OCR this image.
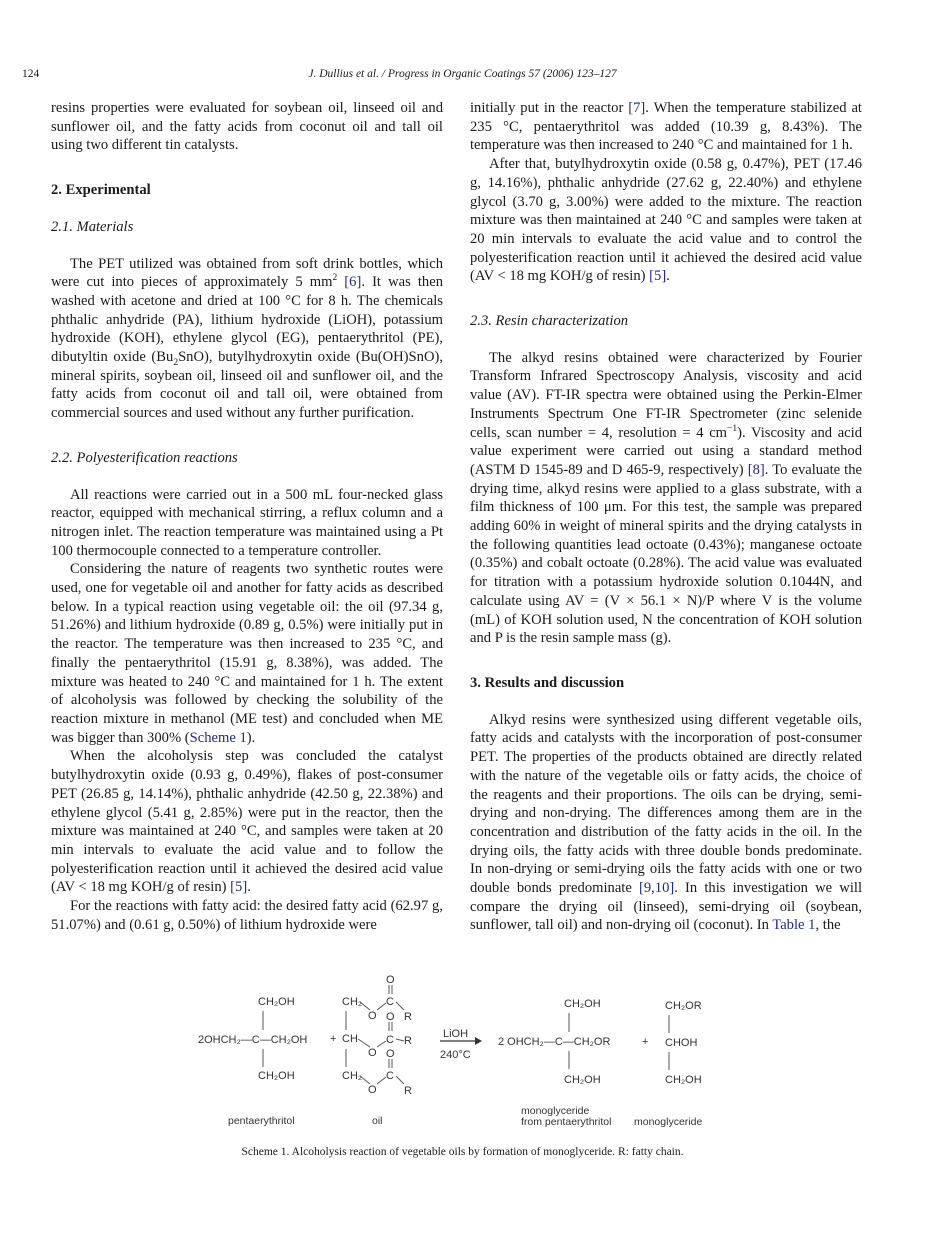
124	J. Dullius et al. / Progress in Organic Coatings 57 (2006) 123–127

resins properties were evaluated for soybean oil, linseed oil and sunflower oil, and the fatty acids from coconut oil and tall oil using two different tin catalysts.

2. Experimental

2.1. Materials

The PET utilized was obtained from soft drink bottles, which were cut into pieces of approximately 5 $mm^2$ [6]. It was then washed with acetone and dried at 100 °C for 8 h. The chemicals phthalic anhydride (PA), lithium hydroxide (LiOH), potassium hydroxide (KOH), ethylene glycol (EG), pentaerythritol (PE), dibutyltin oxide $(Bu_2SnO)$, butylhydroxytin oxide (Bu(OH)SnO), mineral spirits, soybean oil, linseed oil and sunflower oil, and the fatty acids from coconut oil and tall oil, were obtained from commercial sources and used without any further purification.

2.2. Polyesterification reactions

All reactions were carried out in a 500 mL four-necked glass reactor, equipped with mechanical stirring, a reflux column and a nitrogen inlet. The reaction temperature was maintained using a Pt 100 thermocouple connected to a temperature controller.

Considering the nature of reagents two synthetic routes were used, one for vegetable oil and another for fatty acids as described below. In a typical reaction using vegetable oil: the oil (97.34 g, 51.26%) and lithium hydroxide (0.89 g, 0.5%) were initially put in the reactor. The temperature was then increased to 235 °C, and finally the pentaerythritol (15.91 g, 8.38%), was added. The mixture was heated to 240 °C and maintained for 1 h. The extent of alcoholysis was followed by checking the solubility of the reaction mixture in methanol (ME test) and concluded when ME was bigger than 300% (Scheme 1).

When the alcoholysis step was concluded the catalyst butylhydroxytin oxide (0.93 g, 0.49%), flakes of post-consumer PET (26.85 g, 14.14%), phthalic anhydride (42.50 g, 22.38%) and ethylene glycol (5.41 g, 2.85%) were put in the reactor, then the mixture was maintained at 240 °C, and samples were taken at 20 min intervals to evaluate the acid value and to follow the polyesterification reaction until it achieved the desired acid value (AV < 18 mg KOH/g of resin) [5].

For the reactions with fatty acid: the desired fatty acid (62.97 g, 51.07%) and (0.61 g, 0.50%) of lithium hydroxide were

initially put in the reactor [7]. When the temperature stabilized at 235 °C, pentaerythritol was added (10.39 g, 8.43%). The temperature was then increased to 240 °C and maintained for 1 h.

After that, butylhydroxytin oxide (0.58 g, 0.47%), PET (17.46 g, 14.16%), phthalic anhydride (27.62 g, 22.40%) and ethylene glycol (3.70 g, 3.00%) were added to the mixture. The reaction mixture was then maintained at 240 °C and samples were taken at 20 min intervals to evaluate the acid value and to control the polyesterification reaction until it achieved the desired acid value (AV < 18 mg KOH/g of resin) [5].

2.3. Resin characterization

The alkyd resins obtained were characterized by Fourier Transform Infrared Spectroscopy Analysis, viscosity and acid value (AV). FT-IR spectra were obtained using the Perkin-Elmer Instruments Spectrum One FT-IR Spectrometer (zinc selenide cells, scan number = 4, resolution = 4 $cm^{-1}$). Viscosity and acid value experiment were carried out using a standard method (ASTM D 1545-89 and D 465-9, respectively) [8]. To evaluate the drying time, alkyd resins were applied to a glass substrate, with a film thickness of 100 μm. For this test, the sample was prepared adding 60% in weight of mineral spirits and the drying catalysts in the following quantities lead octoate (0.43%); manganese octoate (0.35%) and cobalt octoate (0.28%). The acid value was evaluated for titration with a potassium hydroxide solution 0.1044N, and calculate using AV = (V × 56.1 × N)/P where V is the volume (mL) of KOH solution used, N the concentration of KOH solution and P is the resin sample mass (g).

3. Results and discussion

Alkyd resins were synthesized using different vegetable oils, fatty acids and catalysts with the incorporation of post-consumer PET. The properties of the products obtained are directly related with the nature of the vegetable oils or fatty acids, the choice of the reagents and their proportions. The oils can be drying, semi-drying and non-drying. The differences among them are in the concentration and distribution of the fatty acids in the oil. In the drying oils, the fatty acids with three double bonds predominate. In non-drying or semi-drying oils the fatty acids with one or two double bonds predominate [9,10]. In this investigation we will compare the drying oil (linseed), semi-drying oil (soybean, sunflower, tall oil) and non-drying oil (coconut). In Table 1, the

CH₂OH
2OHCH₂—C—CH₂OH
CH₂OH
+
CH₂
O
C
O
R
CH
O
C
O
R
CH₂
O
C
O
R
LiOH
240°C
CH₂OH
2 OHCH₂—C—CH₂OR
CH₂OH
+
CH₂OR
CHOH
CH₂OH
pentaerythritol	oil
monoglyceride
from pentaerythritol monoglyceride
Scheme 1. Alcoholysis reaction of vegetable oils by formation of monoglyceride. R: fatty chain.
